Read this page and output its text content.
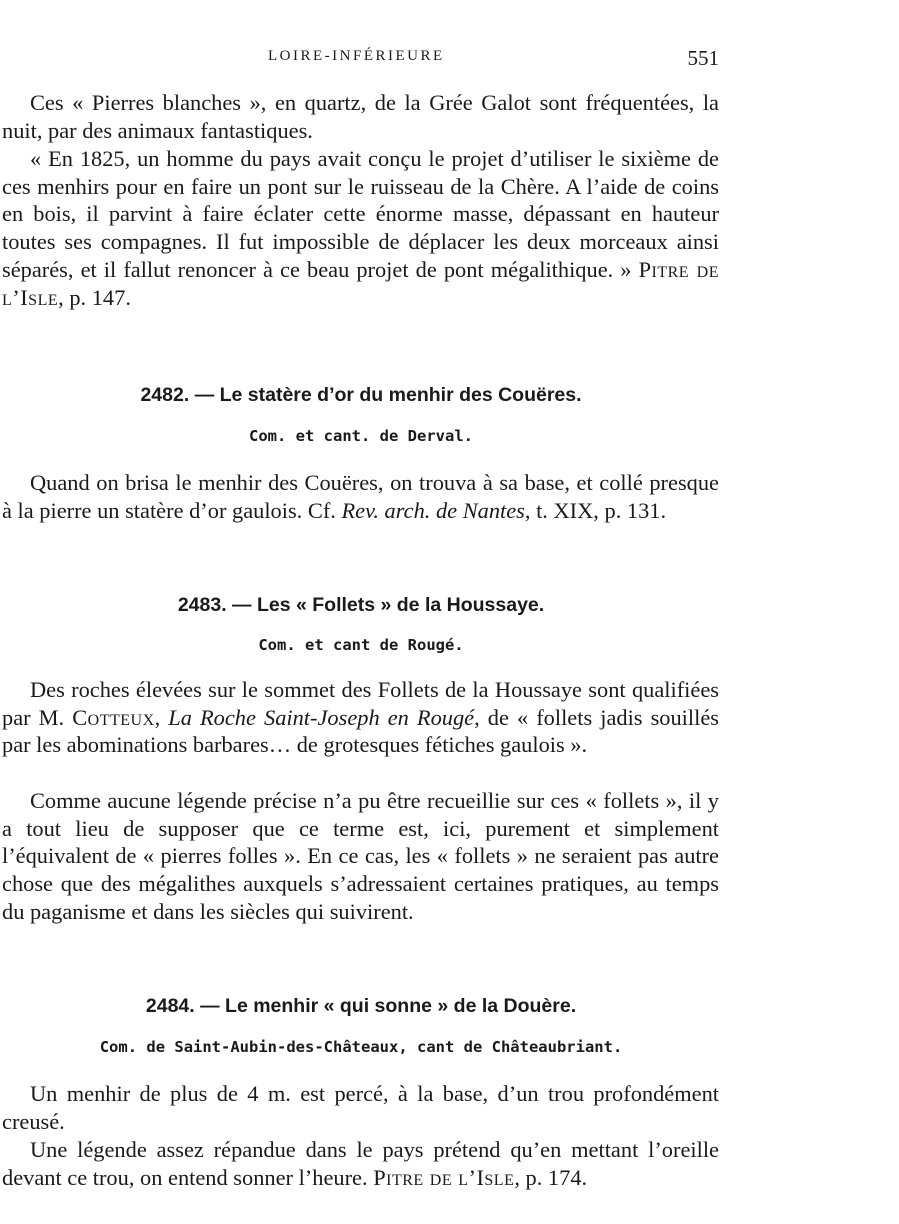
LOIRE-INFÉRIEURE	551

Ces « Pierres blanches », en quartz, de la Grée Galot sont fréquentées, la nuit, par des animaux fantastiques.

« En 1825, un homme du pays avait conçu le projet d’utiliser le sixième de ces menhirs pour en faire un pont sur le ruisseau de la Chère. A l’aide de coins en bois, il parvint à faire éclater cette énorme masse, dépassant en hauteur toutes ses compagnes. Il fut impossible de déplacer les deux morceaux ainsi séparés, et il fallut renoncer à ce beau projet de pont mégalithique. » Pitre de l’Isle, p. 147.

2482. — Le statère d’or du menhir des Couëres.
Com. et cant. de Derval.

Quand on brisa le menhir des Couëres, on trouva à sa base, et collé presque à la pierre un statère d’or gaulois. Cf. Rev. arch. de Nantes, t. XIX, p. 131.

2483. — Les « Follets » de la Houssaye.
Com. et cant de Rougé.

Des roches élevées sur le sommet des Follets de la Houssaye sont qualifiées par M. Cotteux, La Roche Saint-Joseph en Rougé, de « follets jadis souillés par les abominations barbares… de grotesques fétiches gaulois ».

Comme aucune légende précise n’a pu être recueillie sur ces « follets », il y a tout lieu de supposer que ce terme est, ici, purement et simplement l’équivalent de « pierres folles ». En ce cas, les « follets » ne seraient pas autre chose que des mégalithes auxquels s’adressaient certaines pratiques, au temps du paganisme et dans les siècles qui suivirent.

2484. — Le menhir « qui sonne » de la Douère.
Com. de Saint-Aubin-des-Châteaux, cant de Châteaubriant.

Un menhir de plus de 4 m. est percé, à la base, d’un trou profondément creusé.

Une légende assez répandue dans le pays prétend qu’en mettant l’oreille devant ce trou, on entend sonner l’heure. Pitre de l’Isle, p. 174.
